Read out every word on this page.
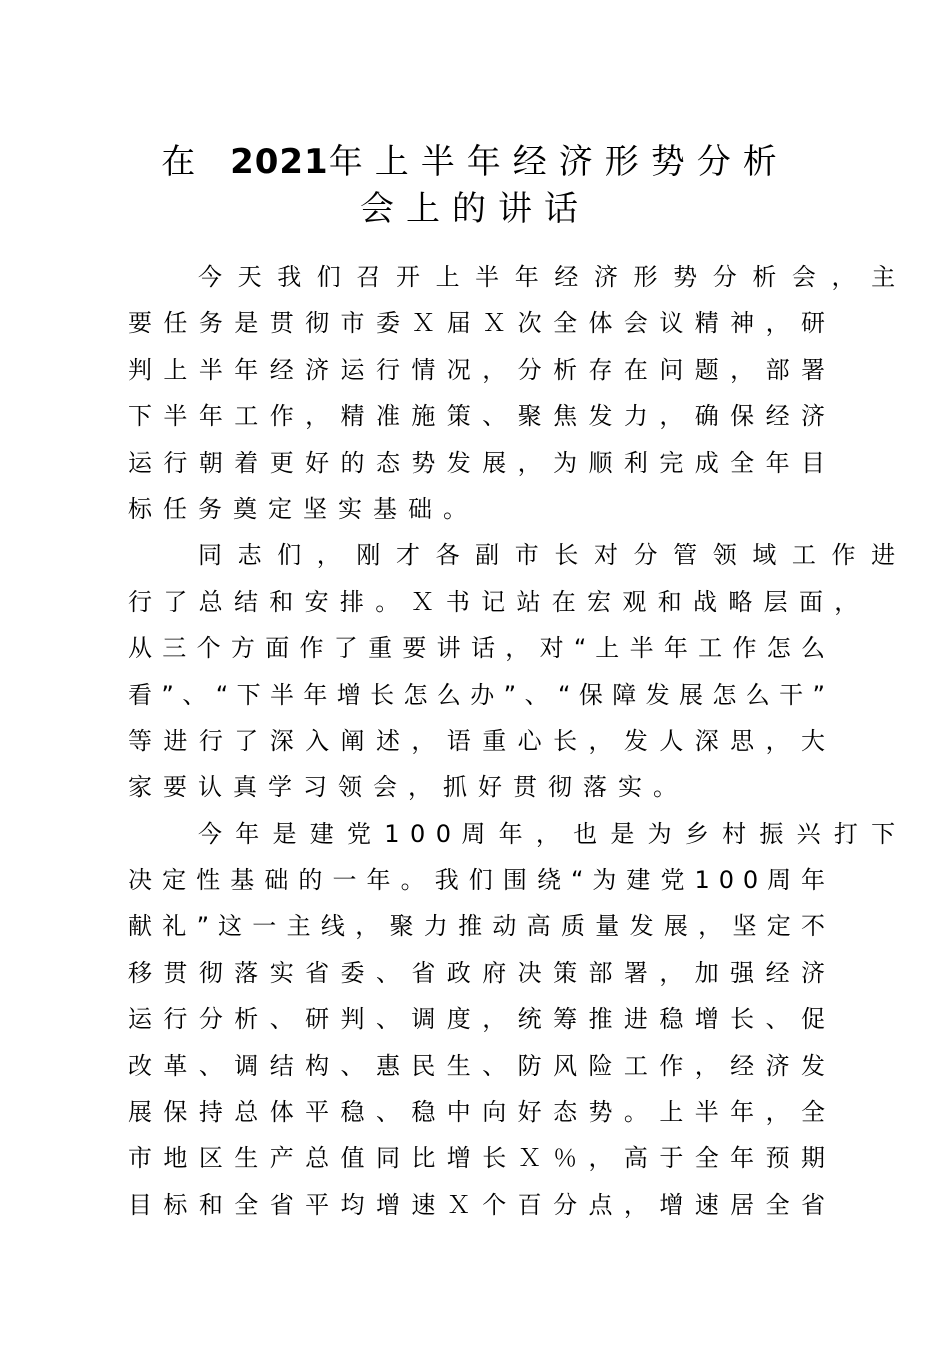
在 2021年上半年经济形势分析
会上的讲话
今 天 我 们 召 开 上 半 年 经 济 形 势 分 析 会 ， 主
要 任 务 是 贯 彻 市 委 Ｘ 届 Ｘ 次 全 体 会 议 精 神 ， 研
判 上 半 年 经 济 运 行 情 况 ， 分 析 存 在 问 题 ， 部 署
下 半 年 工 作 ， 精 准 施 策 、 聚 焦 发 力 ， 确 保 经 济
运 行 朝 着 更 好 的 态 势 发 展 ， 为 顺 利 完 成 全 年 目
标任务奠定坚实基础。
同 志 们 ， 刚 才 各 副 市 长 对 分 管 领 域 工 作 进
行 了 总 结 和 安 排 。 Ｘ 书 记 站 在 宏 观 和 战 略 层 面 ，
从 三 个 方 面 作 了 重 要 讲 话 ， 对 “ 上 半 年 工 作 怎 么
看 ” 、 “ 下 半 年 增 长 怎 么 办 ” 、 “ 保 障 发 展 怎 么 干 ”
等 进 行 了 深 入 阐 述 ， 语 重 心 长 ， 发 人 深 思 ， 大
家要认真学习领会，抓好贯彻落实。
今 年 是 建 党 1 0 0 周 年 ， 也 是 为 乡 村 振 兴 打 下
决 定 性 基 础 的 一 年 。 我 们 围 绕 “ 为 建 党 1 0 0 周 年
献 礼 ” 这 一 主 线 ， 聚 力 推 动 高 质 量 发 展 ， 坚 定 不
移 贯 彻 落 实 省 委 、 省 政 府 决 策 部 署 ， 加 强 经 济
运 行 分 析 、 研 判 、 调 度 ， 统 筹 推 进 稳 增 长 、 促
改 革 、 调 结 构 、 惠 民 生 、 防 风 险 工 作 ， 经 济 发
展 保 持 总 体 平 稳 、 稳 中 向 好 态 势 。 上 半 年 ， 全
市 地 区 生 产 总 值 同 比 增 长 Ｘ ％ ， 高 于 全 年 预 期
目 标 和 全 省 平 均 增 速 Ｘ 个 百 分 点 ， 增 速 居 全 省
